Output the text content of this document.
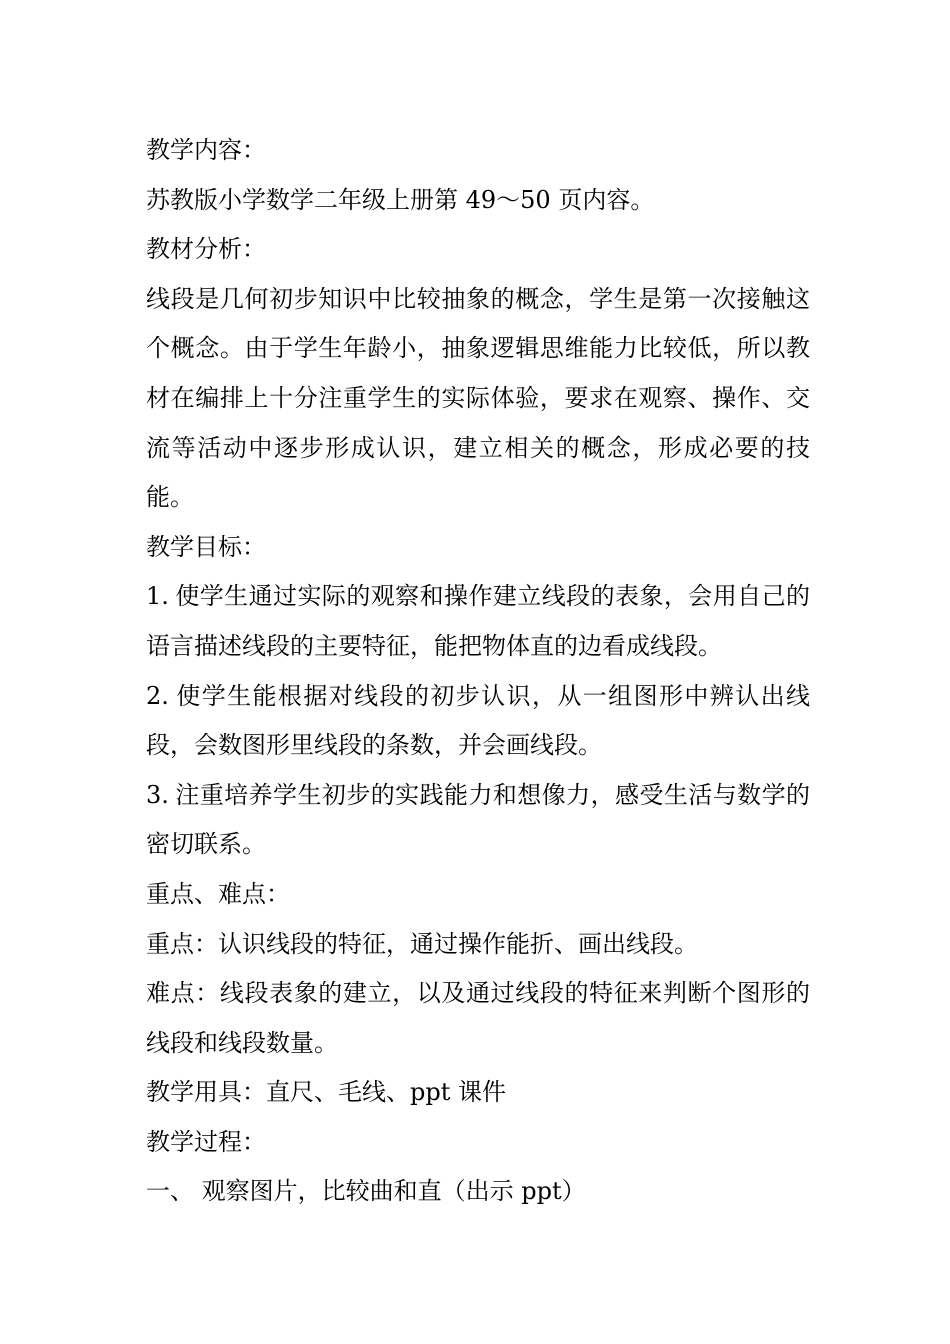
教学内容：

苏教版小学数学二年级上册第 49～50 页内容。

教材分析：

线段是几何初步知识中比较抽象的概念，学生是第一次接触这个概念。由于学生年龄小，抽象逻辑思维能力比较低，所以教材在编排上十分注重学生的实际体验，要求在观察、操作、交流等活动中逐步形成认识，建立相关的概念，形成必要的技能。

教学目标：

1. 使学生通过实际的观察和操作建立线段的表象，会用自己的语言描述线段的主要特征，能把物体直的边看成线段。

2. 使学生能根据对线段的初步认识，从一组图形中辨认出线段，会数图形里线段的条数，并会画线段。

3. 注重培养学生初步的实践能力和想像力，感受生活与数学的密切联系。

重点、难点：

重点：认识线段的特征，通过操作能折、画出线段。

难点：线段表象的建立，以及通过线段的特征来判断个图形的线段和线段数量。

教学用具：直尺、毛线、ppt 课件

教学过程：

一、 观察图片，比较曲和直（出示 ppt）
